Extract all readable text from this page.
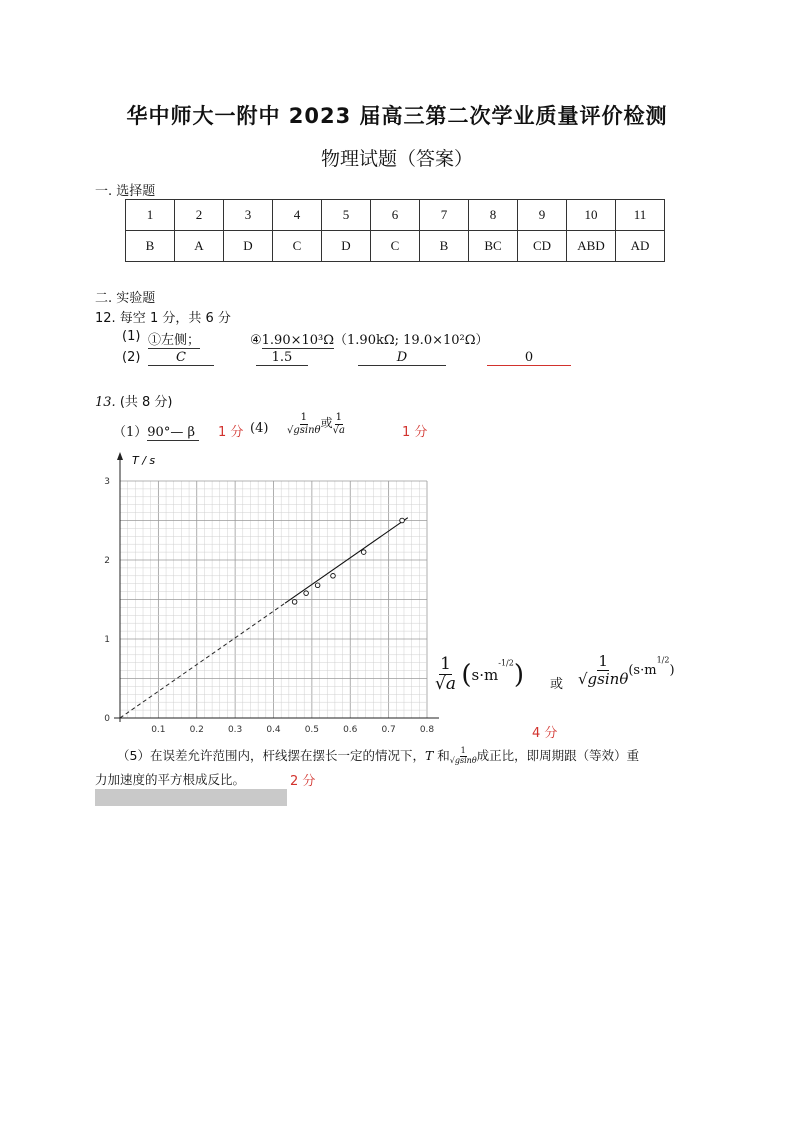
华中师大一附中 2023 届高三第二次学业质量评价检测
物理试题（答案）
一. 选择题
1	2	3	4	5	6	7	8	9	10	11
B	A	D	C	D	C	B	BC	CD	ABD	AD
二. 实验题
12. 每空 1 分，共 6 分
(1) ①左侧；	④1.90×10³Ω（1.90kΩ; 19.0×10²Ω）
(2)	C	1.5	D	0
13. (共 8 分)
（1）90°— β	1 分 $(4) \frac{1}{√gsin\theta}$ 或 $\frac{1}{√a}$	1 分
0.1	0.2	0.3	0.4	0.5	0.6	0.7	0.8
0
1
2
3
T / s
$\frac{1}{√a} (s\cdot m^{-1/2})$ 或 $\frac{1}{√gsin\theta} (s\cdot m^{1/2})$
4 分
（5）在误差允许范围内，杆线摆在摆长一定的情况下，T 和 $\frac{1}{√gsin\theta}$ 成正比，即周期跟（等效）重
力加速度的平方根成反比。	2 分
